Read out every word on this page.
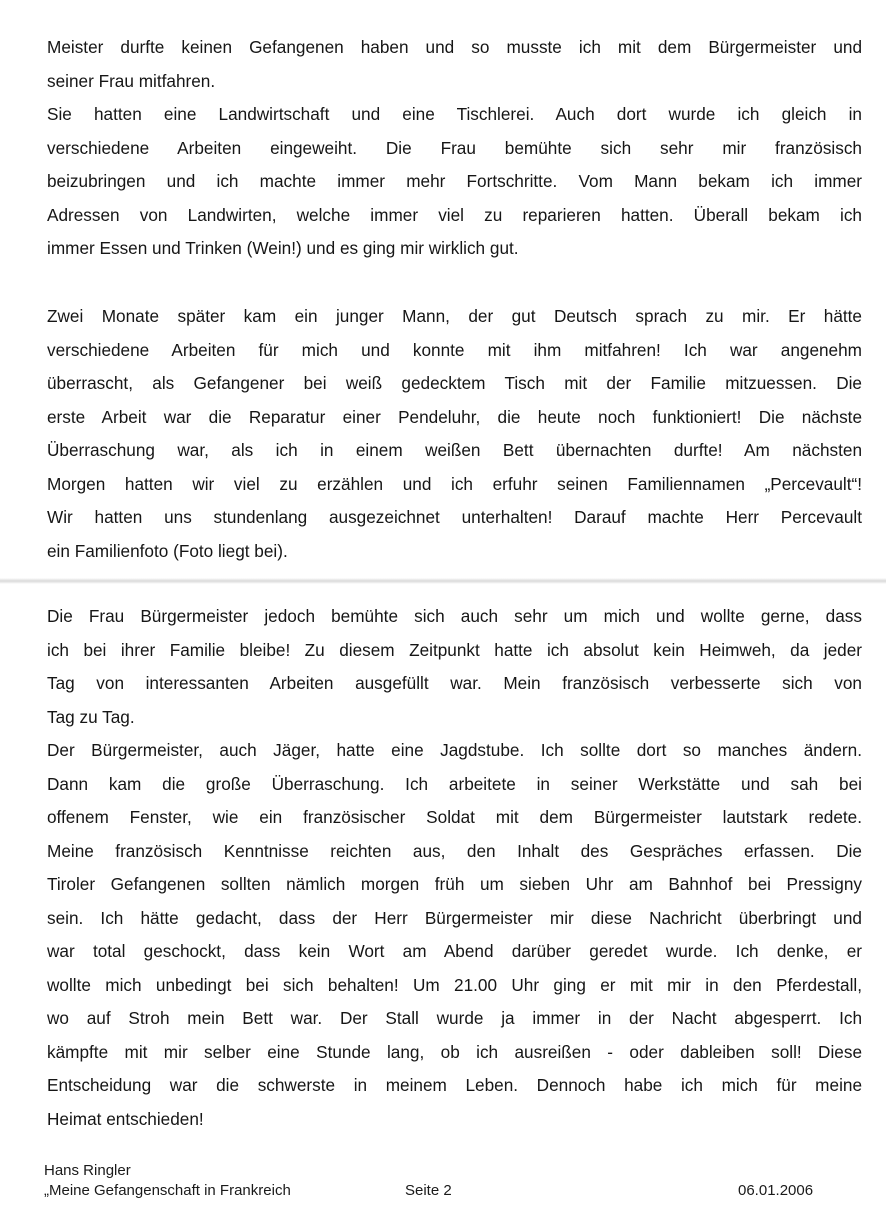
Meister durfte keinen Gefangenen haben und so musste ich mit dem Bürgermeister und
seiner Frau mitfahren.
Sie hatten eine Landwirtschaft und eine Tischlerei. Auch dort wurde ich gleich in
verschiedene Arbeiten eingeweiht. Die Frau bemühte sich sehr mir französisch
beizubringen und ich machte immer mehr Fortschritte. Vom Mann bekam ich immer
Adressen von Landwirten, welche immer viel zu reparieren hatten. Überall bekam ich
immer Essen und Trinken (Wein!) und es ging mir wirklich gut.

Zwei Monate später kam ein junger Mann, der gut Deutsch sprach zu mir. Er hätte
verschiedene Arbeiten für mich und konnte mit ihm mitfahren! Ich war angenehm
überrascht, als Gefangener bei weiß gedecktem Tisch mit der Familie mitzuessen. Die
erste Arbeit war die Reparatur einer Pendeluhr, die heute noch funktioniert! Die nächste
Überraschung war, als ich in einem weißen Bett übernachten durfte! Am nächsten
Morgen hatten wir viel zu erzählen und ich erfuhr seinen Familiennamen „Percevault“!
Wir hatten uns stundenlang ausgezeichnet unterhalten! Darauf machte Herr Percevault
ein Familienfoto (Foto liegt bei).

Die Frau Bürgermeister jedoch bemühte sich auch sehr um mich und wollte gerne, dass
ich bei ihrer Familie bleibe! Zu diesem Zeitpunkt hatte ich absolut kein Heimweh, da jeder
Tag von interessanten Arbeiten ausgefüllt war. Mein französisch verbesserte sich von
Tag zu Tag.
Der Bürgermeister, auch Jäger, hatte eine Jagdstube. Ich sollte dort so manches ändern.
Dann kam die große Überraschung. Ich arbeitete in seiner Werkstätte und sah bei
offenem Fenster, wie ein französischer Soldat mit dem Bürgermeister lautstark redete.
Meine französisch Kenntnisse reichten aus, den Inhalt des Gespräches erfassen. Die
Tiroler Gefangenen sollten nämlich morgen früh um sieben Uhr am Bahnhof bei Pressigny
sein. Ich hätte gedacht, dass der Herr Bürgermeister mir diese Nachricht überbringt und
war total geschockt, dass kein Wort am Abend darüber geredet wurde. Ich denke, er
wollte mich unbedingt bei sich behalten! Um 21.00 Uhr ging er mit mir in den Pferdestall,
wo auf Stroh mein Bett war. Der Stall wurde ja immer in der Nacht abgesperrt. Ich
kämpfte mit mir selber eine Stunde lang, ob ich ausreißen - oder dableiben soll! Diese
Entscheidung war die schwerste in meinem Leben. Dennoch habe ich mich für meine
Heimat entschieden!

Hans Ringler
„Meine Gefangenschaft in Frankreich	Seite 2	06.01.2006
